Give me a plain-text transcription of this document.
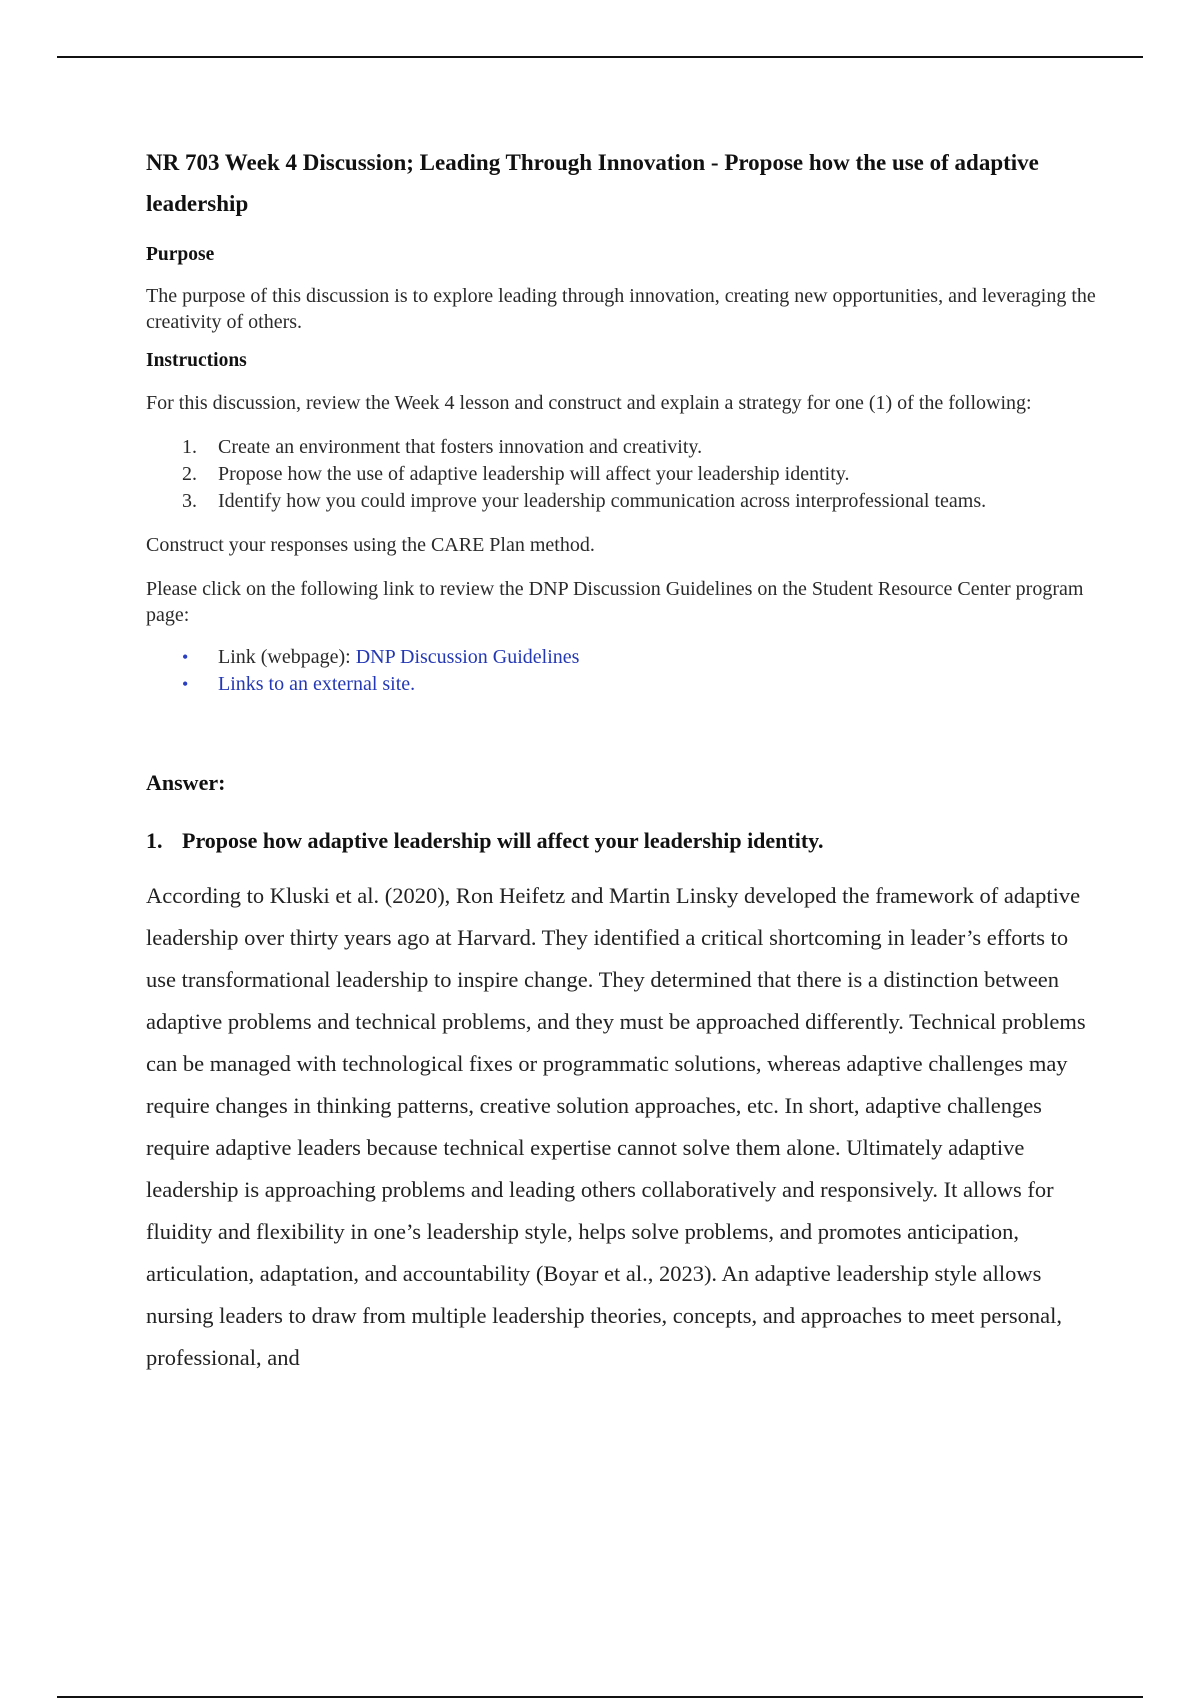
NR 703 Week 4 Discussion; Leading Through Innovation - Propose how the use of adaptive leadership
Purpose

The purpose of this discussion is to explore leading through innovation, creating new opportunities, and leveraging the creativity of others.

Instructions

For this discussion, review the Week 4 lesson and construct and explain a strategy for one (1) of the following:

1. Create an environment that fosters innovation and creativity.
2. Propose how the use of adaptive leadership will affect your leadership identity.
3. Identify how you could improve your leadership communication across interprofessional teams.

Construct your responses using the CARE Plan method.

Please click on the following link to review the DNP Discussion Guidelines on the Student Resource Center program page:

• Link (webpage): DNP Discussion Guidelines
• Links to an external site.
Answer:
1. Propose how adaptive leadership will affect your leadership identity.

According to Kluski et al. (2020), Ron Heifetz and Martin Linsky developed the framework of adaptive leadership over thirty years ago at Harvard. They identified a critical shortcoming in leader’s efforts to use transformational leadership to inspire change. They determined that there is a distinction between adaptive problems and technical problems, and they must be approached differently. Technical problems can be managed with technological fixes or programmatic solutions, whereas adaptive challenges may require changes in thinking patterns, creative solution approaches, etc. In short, adaptive challenges require adaptive leaders because technical expertise cannot solve them alone. Ultimately adaptive leadership is approaching problems and leading others collaboratively and responsively. It allows for fluidity and flexibility in one’s leadership style, helps solve problems, and promotes anticipation, articulation, adaptation, and accountability (Boyar et al., 2023). An adaptive leadership style allows nursing leaders to draw from multiple leadership theories, concepts, and approaches to meet personal, professional, and
